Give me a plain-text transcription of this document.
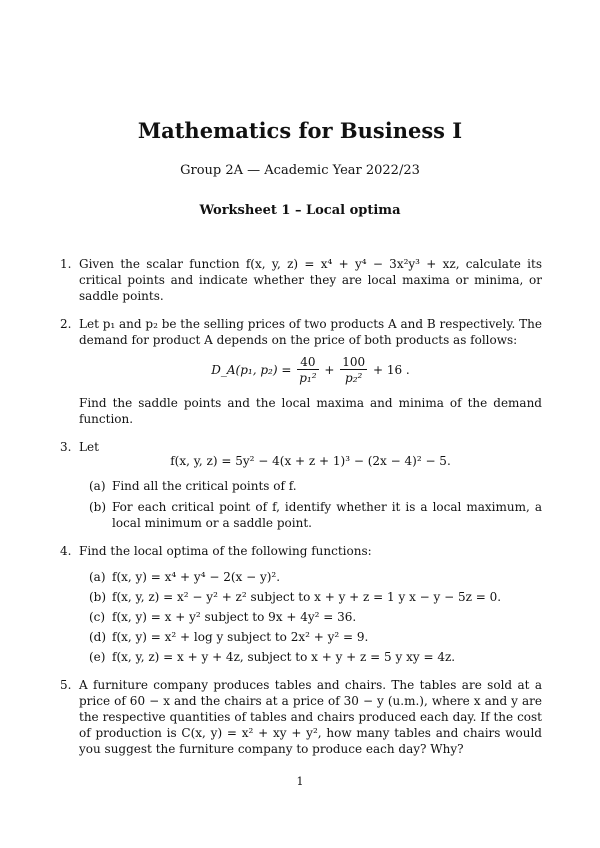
Mathematics for Business I
Group 2A — Academic Year 2022/23
Worksheet 1 – Local optima
1. Given the scalar function f(x, y, z) = x⁴ + y⁴ − 3x²y³ + xz, calculate its critical points and indicate whether they are local maxima or minima, or saddle points.
2. Let p₁ and p₂ be the selling prices of two products A and B respectively. The demand for product A depends on the price of both products as follows:
D_A(p₁, $p_2) = \frac{40}{\text{p₁²}} + \frac{100}{\text{p₂²}} + 16$ .
Find the saddle points and the local maxima and minima of the demand function.
3. Let
f(x, y, z) = 5y² − 4(x + z + 1)³ − (2x − 4)² − 5.
(a) Find all the critical points of f.
(b) For each critical point of f, identify whether it is a local maximum, a local minimum or a saddle point.
4. Find the local optima of the following functions:
(a) f(x, y) = x⁴ + y⁴ − 2(x − y)².
(b) f(x, y, z) = x² − y² + z² subject to x + y + z = 1 y x − y − 5z = 0.
(c) f(x, y) = x + y² subject to 9x + 4y² = 36.
(d) f(x, y) = x² + log y subject to 2x² + y² = 9.
(e) f(x, y, z) = x + y + 4z, subject to x + y + z = 5 y xy = 4z.
5. A furniture company produces tables and chairs. The tables are sold at a price of 60 − x and the chairs at a price of 30 − y (u.m.), where x and y are the respective quantities of tables and chairs produced each day. If the cost of production is C(x, y) = x² + xy + y², how many tables and chairs would you suggest the furniture company to produce each day? Why?
1
